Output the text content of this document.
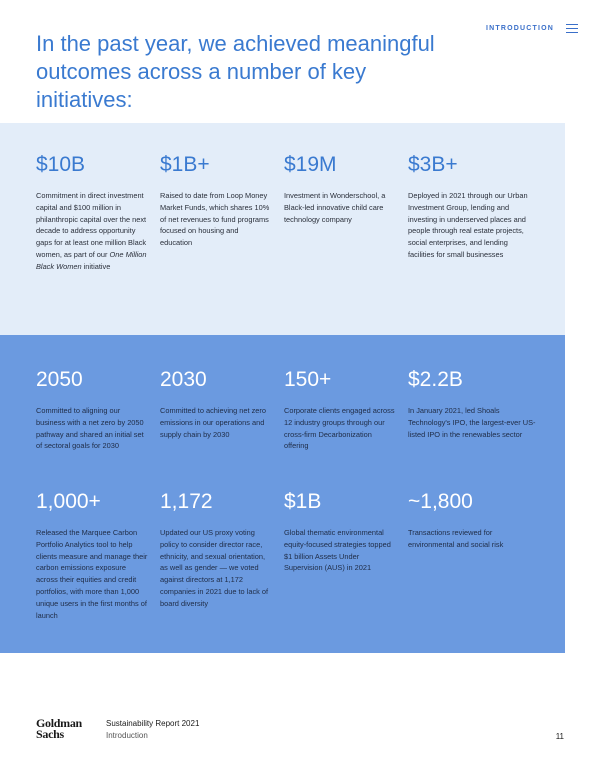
INTRODUCTION
In the past year, we achieved meaningful outcomes across a number of key initiatives:
$10B
Commitment in direct investment capital and $100 million in philanthropic capital over the next decade to address opportunity gaps for at least one million Black women, as part of our One Million Black Women initiative
$1B+
Raised to date from Loop Money Market Funds, which shares 10% of net revenues to fund programs focused on housing and education
$19M
Investment in Wonderschool, a Black-led innovative child care technology company
$3B+
Deployed in 2021 through our Urban Investment Group, lending and investing in underserved places and people through real estate projects, social enterprises, and lending facilities for small businesses
2050
Committed to aligning our business with a net zero by 2050 pathway and shared an initial set of sectoral goals for 2030
2030
Committed to achieving net zero emissions in our operations and supply chain by 2030
150+
Corporate clients engaged across 12 industry groups through our cross-firm Decarbonization offering
$2.2B
In January 2021, led Shoals Technology's IPO, the largest-ever US-listed IPO in the renewables sector
1,000+
Released the Marquee Carbon Portfolio Analytics tool to help clients measure and manage their carbon emissions exposure across their equities and credit portfolios, with more than 1,000 unique users in the first months of launch
1,172
Updated our US proxy voting policy to consider director race, ethnicity, and sexual orientation, as well as gender — we voted against directors at 1,172 companies in 2021 due to lack of board diversity
$1B
Global thematic environmental equity-focused strategies topped $1 billion Assets Under Supervision (AUS) in 2021
~1,800
Transactions reviewed for environmental and social risk
Goldman
Sachs
Sustainability Report 2021
Introduction	11
